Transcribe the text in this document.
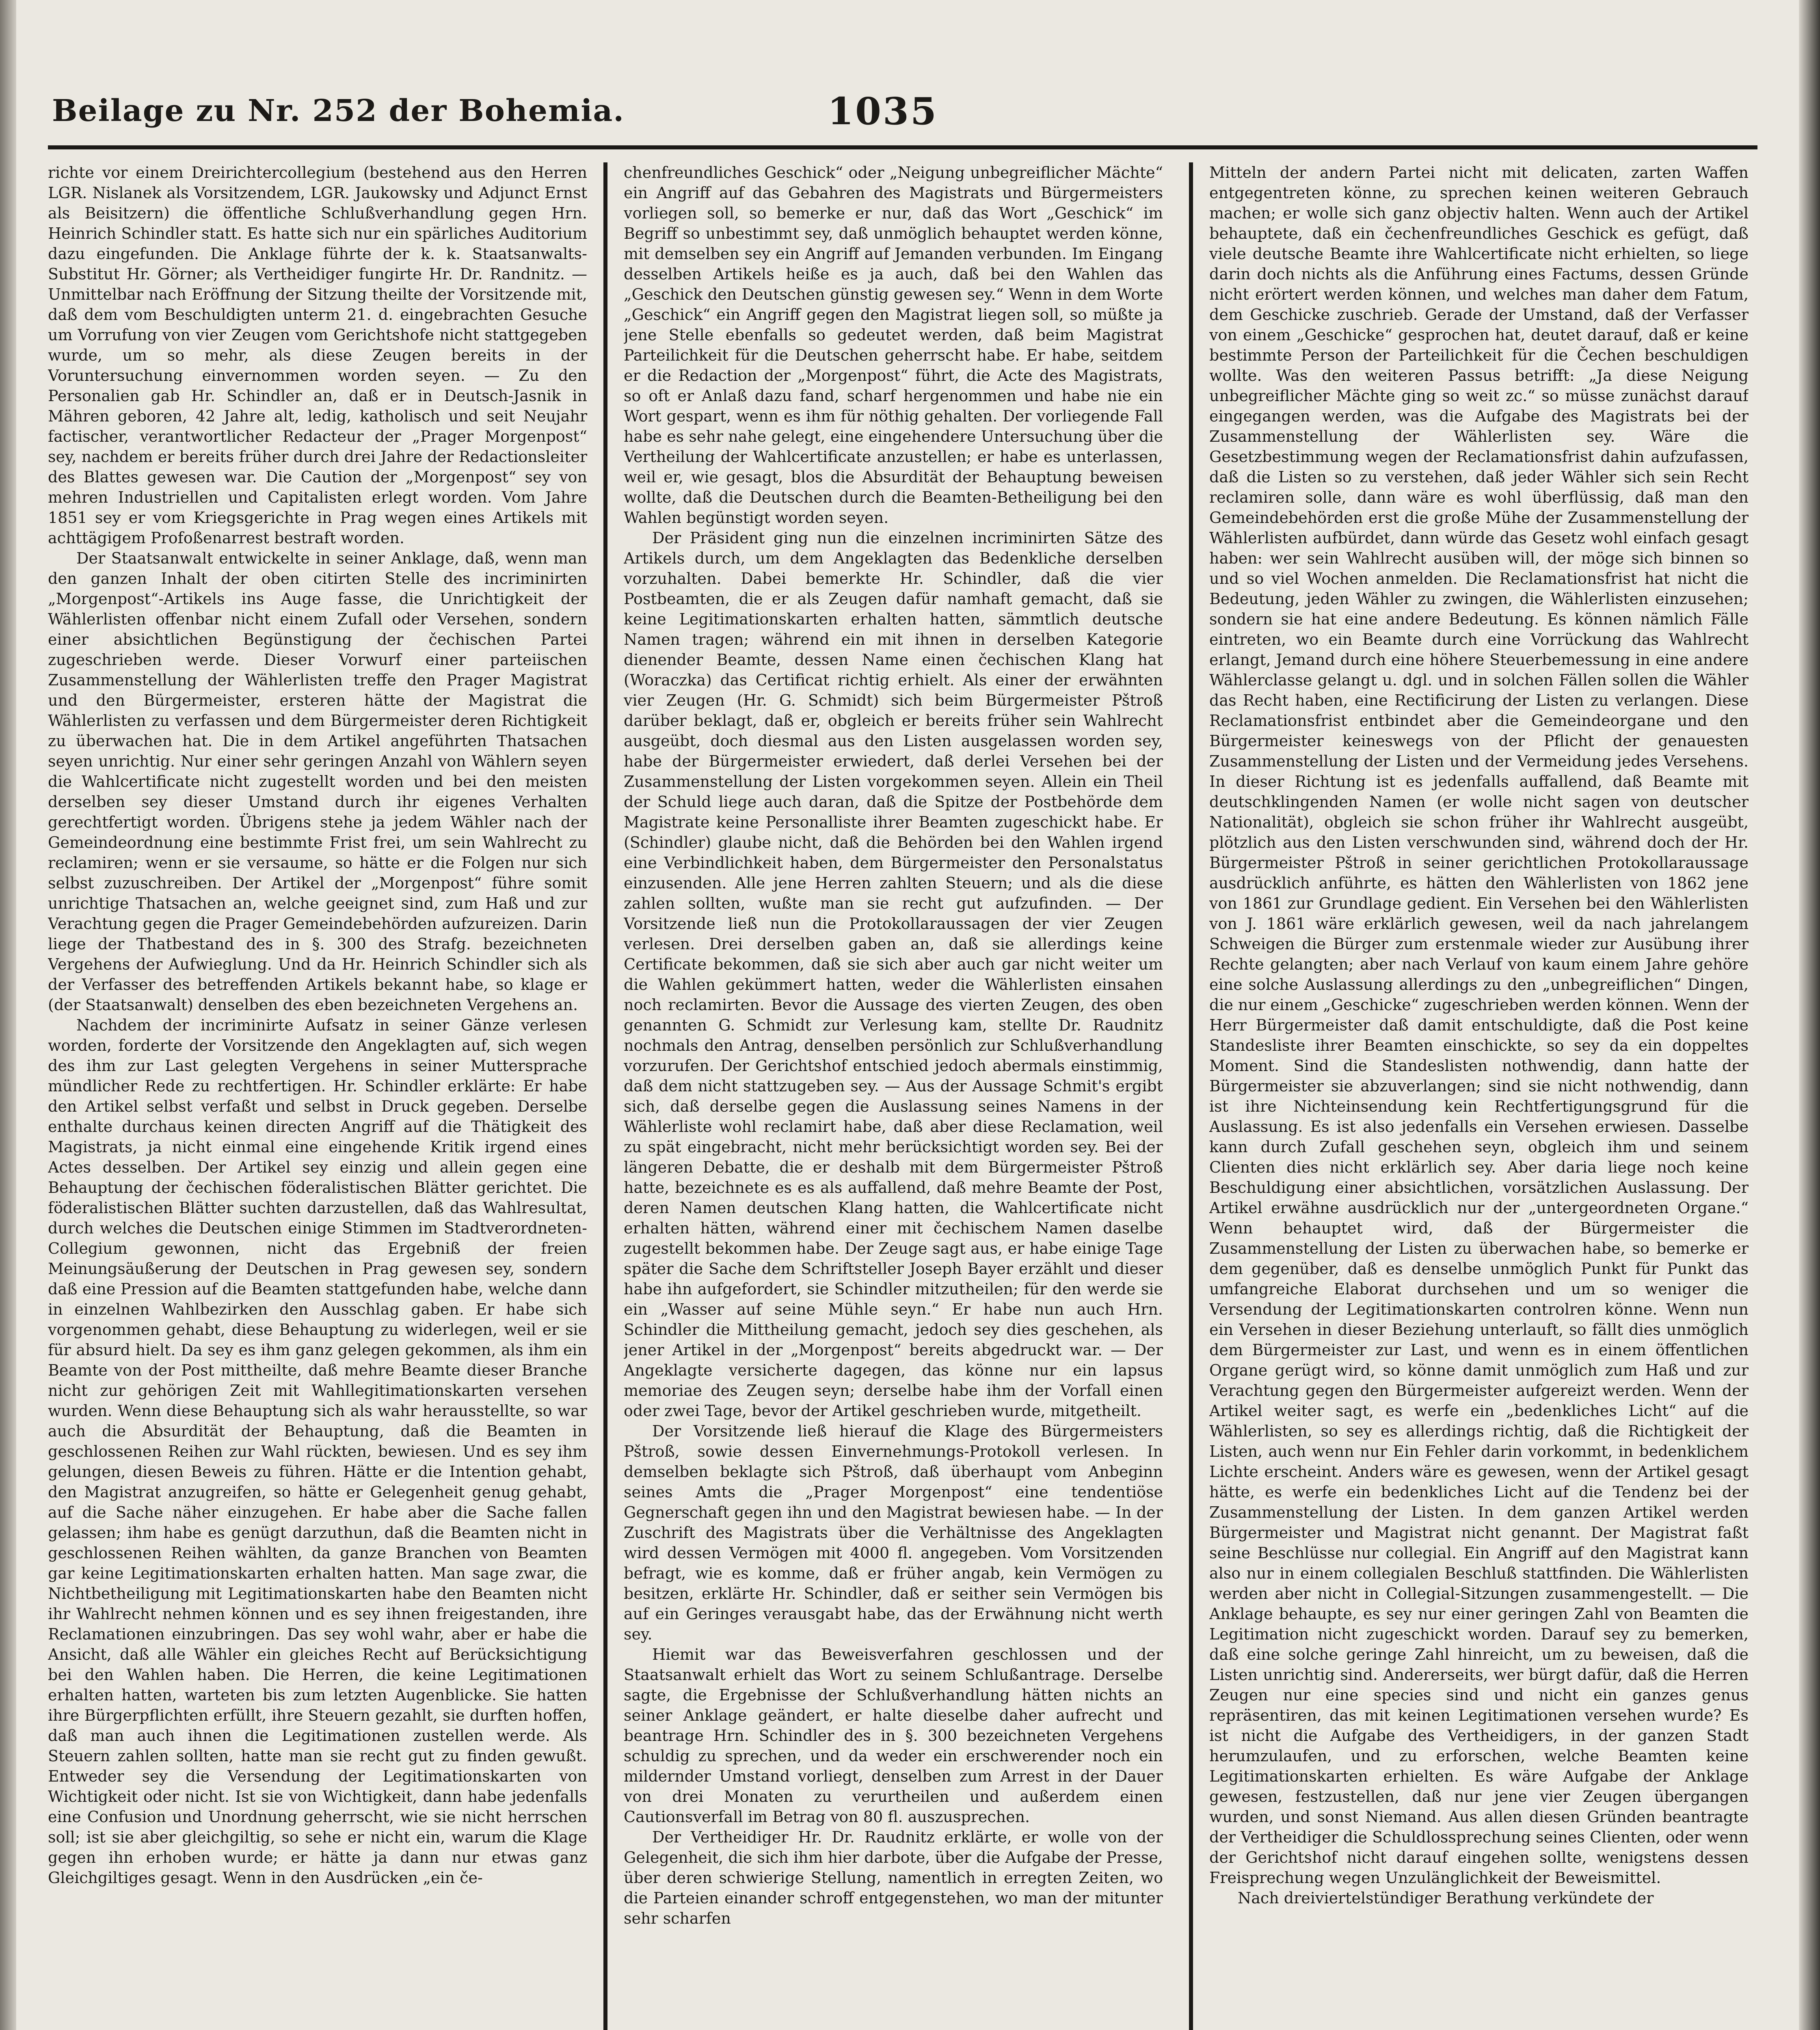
Beilage zu Nr. 252 der Bohemia.	1035

richte vor einem Dreirichtercollegium (bestehend aus den Herren LGR. Nislanek als Vorsitzendem, LGR. Jaukowsky und Adjunct Ernst als Beisitzern) die öffentliche Schlußverhandlung gegen Hrn. Heinrich Schindler statt. Es hatte sich nur ein spärliches Auditorium dazu eingefunden. Die Anklage führte der k. k. Staatsanwalts-Substitut Hr. Görner; als Vertheidiger fungirte Hr. Dr. Randnitz. — Unmittelbar nach Eröffnung der Sitzung theilte der Vorsitzende mit, daß dem vom Beschuldigten unterm 21. d. eingebrachten Gesuche um Vorrufung von vier Zeugen vom Gerichtshofe nicht stattgegeben wurde, um so mehr, als diese Zeugen bereits in der Voruntersuchung einvernommen worden seyen. — Zu den Personalien gab Hr. Schindler an, daß er in Deutsch-Jasnik in Mähren geboren, 42 Jahre alt, ledig, katholisch und seit Neujahr factischer, verantwortlicher Redacteur der „Prager Morgenpost“ sey, nachdem er bereits früher durch drei Jahre der Redactionsleiter des Blattes gewesen war. Die Caution der „Morgenpost“ sey von mehren Industriellen und Capitalisten erlegt worden. Vom Jahre 1851 sey er vom Kriegsgerichte in Prag wegen eines Artikels mit achttägigem Profoßenarrest bestraft worden.

Der Staatsanwalt entwickelte in seiner Anklage, daß, wenn man den ganzen Inhalt der oben citirten Stelle des incriminirten „Morgenpost“-Artikels ins Auge fasse, die Unrichtigkeit der Wählerlisten offenbar nicht einem Zufall oder Versehen, sondern einer absichtlichen Begünstigung der čechischen Partei zugeschrieben werde. Dieser Vorwurf einer parteiischen Zusammenstellung der Wählerlisten treffe den Prager Magistrat und den Bürgermeister, ersteren hätte der Magistrat die Wählerlisten zu verfassen und dem Bürgermeister deren Richtigkeit zu überwachen hat. Die in dem Artikel angeführten Thatsachen seyen unrichtig. Nur einer sehr geringen Anzahl von Wählern seyen die Wahlcertificate nicht zugestellt worden und bei den meisten derselben sey dieser Umstand durch ihr eigenes Verhalten gerechtfertigt worden. Übrigens stehe ja jedem Wähler nach der Gemeindeordnung eine bestimmte Frist frei, um sein Wahlrecht zu reclamiren; wenn er sie versaume, so hätte er die Folgen nur sich selbst zuzuschreiben. Der Artikel der „Morgenpost“ führe somit unrichtige Thatsachen an, welche geeignet sind, zum Haß und zur Verachtung gegen die Prager Gemeindebehörden aufzureizen. Darin liege der Thatbestand des in §. 300 des Strafg. bezeichneten Vergehens der Aufwieglung. Und da Hr. Heinrich Schindler sich als der Verfasser des betreffenden Artikels bekannt habe, so klage er (der Staatsanwalt) denselben des eben bezeichneten Vergehens an.

Nachdem der incriminirte Aufsatz in seiner Gänze verlesen worden, forderte der Vorsitzende den Angeklagten auf, sich wegen des ihm zur Last gelegten Vergehens in seiner Muttersprache mündlicher Rede zu rechtfertigen. Hr. Schindler erklärte: Er habe den Artikel selbst verfaßt und selbst in Druck gegeben. Derselbe enthalte durchaus keinen directen Angriff auf die Thätigkeit des Magistrats, ja nicht einmal eine eingehende Kritik irgend eines Actes desselben. Der Artikel sey einzig und allein gegen eine Behauptung der čechischen föderalistischen Blätter gerichtet. Die föderalistischen Blätter suchten darzustellen, daß das Wahlresultat, durch welches die Deutschen einige Stimmen im Stadtverordneten-Collegium gewonnen, nicht das Ergebniß der freien Meinungsäußerung der Deutschen in Prag gewesen sey, sondern daß eine Pression auf die Beamten stattgefunden habe, welche dann in einzelnen Wahlbezirken den Ausschlag gaben. Er habe sich vorgenommen gehabt, diese Behauptung zu widerlegen, weil er sie für absurd hielt. Da sey es ihm ganz gelegen gekommen, als ihm ein Beamte von der Post mittheilte, daß mehre Beamte dieser Branche nicht zur gehörigen Zeit mit Wahllegitimationskarten versehen wurden. Wenn diese Behauptung sich als wahr herausstellte, so war auch die Absurdität der Behauptung, daß die Beamten in geschlossenen Reihen zur Wahl rückten, bewiesen. Und es sey ihm gelungen, diesen Beweis zu führen. Hätte er die Intention gehabt, den Magistrat anzugreifen, so hätte er Gelegenheit genug gehabt, auf die Sache näher einzugehen. Er habe aber die Sache fallen gelassen; ihm habe es genügt darzuthun, daß die Beamten nicht in geschlossenen Reihen wählten, da ganze Branchen von Beamten gar keine Legitimationskarten erhalten hatten. Man sage zwar, die Nichtbetheiligung mit Legitimationskarten habe den Beamten nicht ihr Wahlrecht nehmen können und es sey ihnen freigestanden, ihre Reclamationen einzubringen. Das sey wohl wahr, aber er habe die Ansicht, daß alle Wähler ein gleiches Recht auf Berücksichtigung bei den Wahlen haben. Die Herren, die keine Legitimationen erhalten hatten, warteten bis zum letzten Augenblicke. Sie hatten ihre Bürgerpflichten erfüllt, ihre Steuern gezahlt, sie durften hoffen, daß man auch ihnen die Legitimationen zustellen werde. Als Steuern zahlen sollten, hatte man sie recht gut zu finden gewußt. Entweder sey die Versendung der Legitimationskarten von Wichtigkeit oder nicht. Ist sie von Wichtigkeit, dann habe jedenfalls eine Confusion und Unordnung geherrscht, wie sie nicht herrschen soll; ist sie aber gleichgiltig, so sehe er nicht ein, warum die Klage gegen ihn erhoben wurde; er hätte ja dann nur etwas ganz Gleichgiltiges gesagt. Wenn in den Ausdrücken „ein če-

chenfreundliches Geschick“ oder „Neigung unbegreiflicher Mächte“ ein Angriff auf das Gebahren des Magistrats und Bürgermeisters vorliegen soll, so bemerke er nur, daß das Wort „Geschick“ im Begriff so unbestimmt sey, daß unmöglich behauptet werden könne, mit demselben sey ein Angriff auf Jemanden verbunden. Im Eingang desselben Artikels heiße es ja auch, daß bei den Wahlen das „Geschick den Deutschen günstig gewesen sey.“ Wenn in dem Worte „Geschick“ ein Angriff gegen den Magistrat liegen soll, so müßte ja jene Stelle ebenfalls so gedeutet werden, daß beim Magistrat Parteilichkeit für die Deutschen geherrscht habe. Er habe, seitdem er die Redaction der „Morgenpost“ führt, die Acte des Magistrats, so oft er Anlaß dazu fand, scharf hergenommen und habe nie ein Wort gespart, wenn es ihm für nöthig gehalten. Der vorliegende Fall habe es sehr nahe gelegt, eine eingehendere Untersuchung über die Vertheilung der Wahlcertificate anzustellen; er habe es unterlassen, weil er, wie gesagt, blos die Absurdität der Behauptung beweisen wollte, daß die Deutschen durch die Beamten-Betheiligung bei den Wahlen begünstigt worden seyen.

Der Präsident ging nun die einzelnen incriminirten Sätze des Artikels durch, um dem Angeklagten das Bedenkliche derselben vorzuhalten. Dabei bemerkte Hr. Schindler, daß die vier Postbeamten, die er als Zeugen dafür namhaft gemacht, daß sie keine Legitimationskarten erhalten hatten, sämmtlich deutsche Namen tragen; während ein mit ihnen in derselben Kategorie dienender Beamte, dessen Name einen čechischen Klang hat (Woraczka) das Certificat richtig erhielt. Als einer der erwähnten vier Zeugen (Hr. G. Schmidt) sich beim Bürgermeister Pštroß darüber beklagt, daß er, obgleich er bereits früher sein Wahlrecht ausgeübt, doch diesmal aus den Listen ausgelassen worden sey, habe der Bürgermeister erwiedert, daß derlei Versehen bei der Zusammenstellung der Listen vorgekommen seyen. Allein ein Theil der Schuld liege auch daran, daß die Spitze der Postbehörde dem Magistrate keine Personalliste ihrer Beamten zugeschickt habe. Er (Schindler) glaube nicht, daß die Behörden bei den Wahlen irgend eine Verbindlichkeit haben, dem Bürgermeister den Personalstatus einzusenden. Alle jene Herren zahlten Steuern; und als die diese zahlen sollten, wußte man sie recht gut aufzufinden. — Der Vorsitzende ließ nun die Protokollaraussagen der vier Zeugen verlesen. Drei derselben gaben an, daß sie allerdings keine Certificate bekommen, daß sie sich aber auch gar nicht weiter um die Wahlen gekümmert hatten, weder die Wählerlisten einsahen noch reclamirten. Bevor die Aussage des vierten Zeugen, des oben genannten G. Schmidt zur Verlesung kam, stellte Dr. Raudnitz nochmals den Antrag, denselben persönlich zur Schlußverhandlung vorzurufen. Der Gerichtshof entschied jedoch abermals einstimmig, daß dem nicht stattzugeben sey. — Aus der Aussage Schmit's ergibt sich, daß derselbe gegen die Auslassung seines Namens in der Wählerliste wohl reclamirt habe, daß aber diese Reclamation, weil zu spät eingebracht, nicht mehr berücksichtigt worden sey. Bei der längeren Debatte, die er deshalb mit dem Bürgermeister Pštroß hatte, bezeichnete es es als auffallend, daß mehre Beamte der Post, deren Namen deutschen Klang hatten, die Wahlcertificate nicht erhalten hätten, während einer mit čechischem Namen daselbe zugestellt bekommen habe. Der Zeuge sagt aus, er habe einige Tage später die Sache dem Schriftsteller Joseph Bayer erzählt und dieser habe ihn aufgefordert, sie Schindler mitzutheilen; für den werde sie ein „Wasser auf seine Mühle seyn.“ Er habe nun auch Hrn. Schindler die Mittheilung gemacht, jedoch sey dies geschehen, als jener Artikel in der „Morgenpost“ bereits abgedruckt war. — Der Angeklagte versicherte dagegen, das könne nur ein lapsus memoriae des Zeugen seyn; derselbe habe ihm der Vorfall einen oder zwei Tage, bevor der Artikel geschrieben wurde, mitgetheilt.

Der Vorsitzende ließ hierauf die Klage des Bürgermeisters Pštroß, sowie dessen Einvernehmungs-Protokoll verlesen. In demselben beklagte sich Pštroß, daß überhaupt vom Anbeginn seines Amts die „Prager Morgenpost“ eine tendentiöse Gegnerschaft gegen ihn und den Magistrat bewiesen habe. — In der Zuschrift des Magistrats über die Verhältnisse des Angeklagten wird dessen Vermögen mit 4000 fl. angegeben. Vom Vorsitzenden befragt, wie es komme, daß er früher angab, kein Vermögen zu besitzen, erklärte Hr. Schindler, daß er seither sein Vermögen bis auf ein Geringes verausgabt habe, das der Erwähnung nicht werth sey.

Hiemit war das Beweisverfahren geschlossen und der Staatsanwalt erhielt das Wort zu seinem Schlußantrage. Derselbe sagte, die Ergebnisse der Schlußverhandlung hätten nichts an seiner Anklage geändert, er halte dieselbe daher aufrecht und beantrage Hrn. Schindler des in §. 300 bezeichneten Vergehens schuldig zu sprechen, und da weder ein erschwerender noch ein mildernder Umstand vorliegt, denselben zum Arrest in der Dauer von drei Monaten zu verurtheilen und außerdem einen Cautionsverfall im Betrag von 80 fl. auszusprechen.

Der Vertheidiger Hr. Dr. Raudnitz erklärte, er wolle von der Gelegenheit, die sich ihm hier darbote, über die Aufgabe der Presse, über deren schwierige Stellung, namentlich in erregten Zeiten, wo die Parteien einander schroff entgegenstehen, wo man der mitunter sehr scharfen

Mitteln der andern Partei nicht mit delicaten, zarten Waffen entgegentreten könne, zu sprechen keinen weiteren Gebrauch machen; er wolle sich ganz objectiv halten. Wenn auch der Artikel behauptete, daß ein čechenfreundliches Geschick es gefügt, daß viele deutsche Beamte ihre Wahlcertificate nicht erhielten, so liege darin doch nichts als die Anführung eines Factums, dessen Gründe nicht erörtert werden können, und welches man daher dem Fatum, dem Geschicke zuschrieb. Gerade der Umstand, daß der Verfasser von einem „Geschicke“ gesprochen hat, deutet darauf, daß er keine bestimmte Person der Parteilichkeit für die Čechen beschuldigen wollte. Was den weiteren Passus betrifft: „Ja diese Neigung unbegreiflicher Mächte ging so weit zc.“ so müsse zunächst darauf eingegangen werden, was die Aufgabe des Magistrats bei der Zusammenstellung der Wählerlisten sey. Wäre die Gesetzbestimmung wegen der Reclamationsfrist dahin aufzufassen, daß die Listen so zu verstehen, daß jeder Wähler sich sein Recht reclamiren solle, dann wäre es wohl überflüssig, daß man den Gemeindebehörden erst die große Mühe der Zusammenstellung der Wählerlisten aufbürdet, dann würde das Gesetz wohl einfach gesagt haben: wer sein Wahlrecht ausüben will, der möge sich binnen so und so viel Wochen anmelden. Die Reclamationsfrist hat nicht die Bedeutung, jeden Wähler zu zwingen, die Wählerlisten einzusehen; sondern sie hat eine andere Bedeutung. Es können nämlich Fälle eintreten, wo ein Beamte durch eine Vorrückung das Wahlrecht erlangt, Jemand durch eine höhere Steuerbemessung in eine andere Wählerclasse gelangt u. dgl. und in solchen Fällen sollen die Wähler das Recht haben, eine Rectificirung der Listen zu verlangen. Diese Reclamationsfrist entbindet aber die Gemeindeorgane und den Bürgermeister keineswegs von der Pflicht der genauesten Zusammenstellung der Listen und der Vermeidung jedes Versehens. In dieser Richtung ist es jedenfalls auffallend, daß Beamte mit deutschklingenden Namen (er wolle nicht sagen von deutscher Nationalität), obgleich sie schon früher ihr Wahlrecht ausgeübt, plötzlich aus den Listen verschwunden sind, während doch der Hr. Bürgermeister Pštroß in seiner gerichtlichen Protokollaraussage ausdrücklich anführte, es hätten den Wählerlisten von 1862 jene von 1861 zur Grundlage gedient. Ein Versehen bei den Wählerlisten von J. 1861 wäre erklärlich gewesen, weil da nach jahrelangem Schweigen die Bürger zum erstenmale wieder zur Ausübung ihrer Rechte gelangten; aber nach Verlauf von kaum einem Jahre gehöre eine solche Auslassung allerdings zu den „unbegreiflichen“ Dingen, die nur einem „Geschicke“ zugeschrieben werden können. Wenn der Herr Bürgermeister daß damit entschuldigte, daß die Post keine Standesliste ihrer Beamten einschickte, so sey da ein doppeltes Moment. Sind die Standeslisten nothwendig, dann hatte der Bürgermeister sie abzuverlangen; sind sie nicht nothwendig, dann ist ihre Nichteinsendung kein Rechtfertigungsgrund für die Auslassung. Es ist also jedenfalls ein Versehen erwiesen. Dasselbe kann durch Zufall geschehen seyn, obgleich ihm und seinem Clienten dies nicht erklärlich sey. Aber daria liege noch keine Beschuldigung einer absichtlichen, vorsätzlichen Auslassung. Der Artikel erwähne ausdrücklich nur der „untergeordneten Organe.“ Wenn behauptet wird, daß der Bürgermeister die Zusammenstellung der Listen zu überwachen habe, so bemerke er dem gegenüber, daß es denselbe unmöglich Punkt für Punkt das umfangreiche Elaborat durchsehen und um so weniger die Versendung der Legitimationskarten controlren könne. Wenn nun ein Versehen in dieser Beziehung unterlauft, so fällt dies unmöglich dem Bürgermeister zur Last, und wenn es in einem öffentlichen Organe gerügt wird, so könne damit unmöglich zum Haß und zur Verachtung gegen den Bürgermeister aufgereizt werden. Wenn der Artikel weiter sagt, es werfe ein „bedenkliches Licht“ auf die Wählerlisten, so sey es allerdings richtig, daß die Richtigkeit der Listen, auch wenn nur Ein Fehler darin vorkommt, in bedenklichem Lichte erscheint. Anders wäre es gewesen, wenn der Artikel gesagt hätte, es werfe ein bedenkliches Licht auf die Tendenz bei der Zusammenstellung der Listen. In dem ganzen Artikel werden Bürgermeister und Magistrat nicht genannt. Der Magistrat faßt seine Beschlüsse nur collegial. Ein Angriff auf den Magistrat kann also nur in einem collegialen Beschluß stattfinden. Die Wählerlisten werden aber nicht in Collegial-Sitzungen zusammengestellt. — Die Anklage behaupte, es sey nur einer geringen Zahl von Beamten die Legitimation nicht zugeschickt worden. Darauf sey zu bemerken, daß eine solche geringe Zahl hinreicht, um zu beweisen, daß die Listen unrichtig sind. Andererseits, wer bürgt dafür, daß die Herren Zeugen nur eine species sind und nicht ein ganzes genus repräsentiren, das mit keinen Legitimationen versehen wurde? Es ist nicht die Aufgabe des Vertheidigers, in der ganzen Stadt herumzulaufen, und zu erforschen, welche Beamten keine Legitimationskarten erhielten. Es wäre Aufgabe der Anklage gewesen, festzustellen, daß nur jene vier Zeugen übergangen wurden, und sonst Niemand. Aus allen diesen Gründen beantragte der Vertheidiger die Schuldlossprechung seines Clienten, oder wenn der Gerichtshof nicht darauf eingehen sollte, wenigstens dessen Freisprechung wegen Unzulänglichkeit der Beweismittel.

Nach dreiviertelstündiger Berathung verkündete der
